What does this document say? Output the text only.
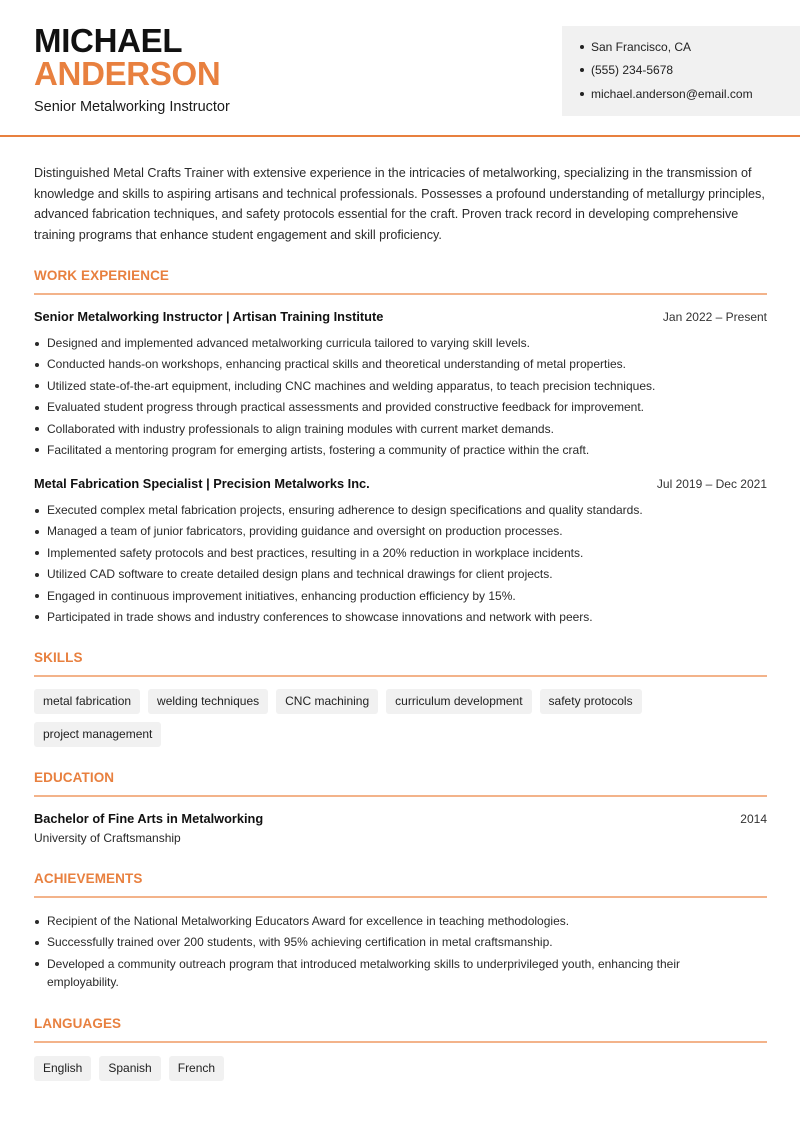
MICHAEL
ANDERSON
Senior Metalworking Instructor
San Francisco, CA
(555) 234-5678
michael.anderson@email.com

Distinguished Metal Crafts Trainer with extensive experience in the intricacies of metalworking, specializing in the transmission of knowledge and skills to aspiring artisans and technical professionals. Possesses a profound understanding of metallurgy principles, advanced fabrication techniques, and safety protocols essential for the craft. Proven track record in developing comprehensive training programs that enhance student engagement and skill proficiency.

WORK EXPERIENCE
Senior Metalworking Instructor | Artisan Training Institute	Jan 2022 – Present
Designed and implemented advanced metalworking curricula tailored to varying skill levels.
Conducted hands-on workshops, enhancing practical skills and theoretical understanding of metal properties.
Utilized state-of-the-art equipment, including CNC machines and welding apparatus, to teach precision techniques.
Evaluated student progress through practical assessments and provided constructive feedback for improvement.
Collaborated with industry professionals to align training modules with current market demands.
Facilitated a mentoring program for emerging artists, fostering a community of practice within the craft.
Metal Fabrication Specialist | Precision Metalworks Inc.	Jul 2019 – Dec 2021
Executed complex metal fabrication projects, ensuring adherence to design specifications and quality standards.
Managed a team of junior fabricators, providing guidance and oversight on production processes.
Implemented safety protocols and best practices, resulting in a 20% reduction in workplace incidents.
Utilized CAD software to create detailed design plans and technical drawings for client projects.
Engaged in continuous improvement initiatives, enhancing production efficiency by 15%.
Participated in trade shows and industry conferences to showcase innovations and network with peers.
SKILLS
metal fabrication	welding techniques	CNC machining	curriculum development	safety protocols
project management
EDUCATION
Bachelor of Fine Arts in Metalworking	2014
University of Craftsmanship
ACHIEVEMENTS
Recipient of the National Metalworking Educators Award for excellence in teaching methodologies.
Successfully trained over 200 students, with 95% achieving certification in metal craftsmanship.
Developed a community outreach program that introduced metalworking skills to underprivileged youth, enhancing their employability.
LANGUAGES
English	Spanish	French
